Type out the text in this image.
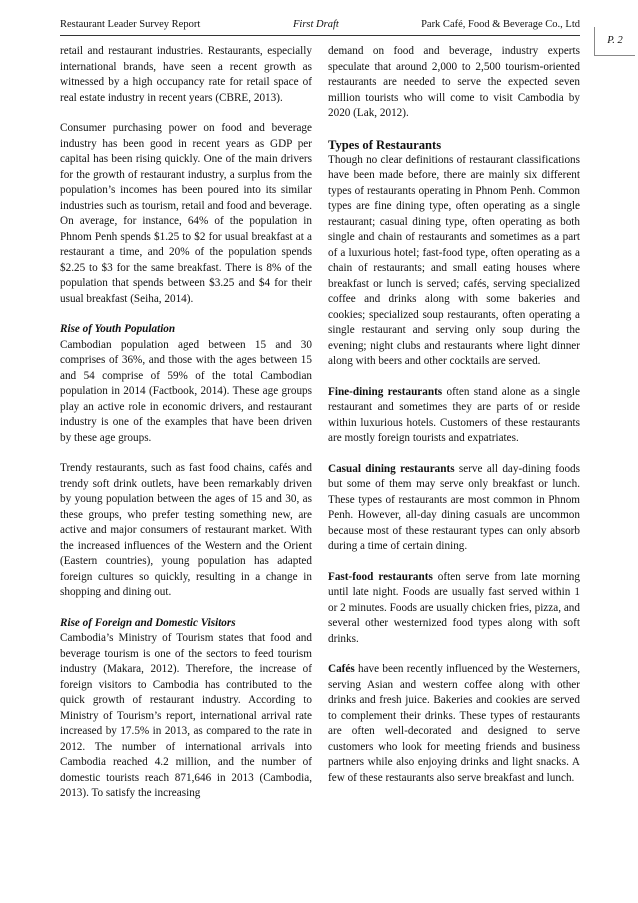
Restaurant Leader Survey Report	First Draft	Park Café, Food & Beverage Co., Ltd
P. 2

retail and restaurant industries. Restaurants, especially international brands, have seen a recent growth as witnessed by a high occupancy rate for retail space of real estate industry in recent years (CBRE, 2013).

Consumer purchasing power on food and beverage industry has been good in recent years as GDP per capital has been rising quickly. One of the main drivers for the growth of restaurant industry, a surplus from the population’s incomes has been poured into its similar industries such as tourism, retail and food and beverage. On average, for instance, 64% of the population in Phnom Penh spends $1.25 to $2 for usual breakfast at a restaurant a time, and 20% of the population spends $2.25 to $3 for the same breakfast. There is 8% of the population that spends between $3.25 and $4 for their usual breakfast (Seiha, 2014).

Rise of Youth Population

Cambodian population aged between 15 and 30 comprises of 36%, and those with the ages between 15 and 54 comprise of 59% of the total Cambodian population in 2014 (Factbook, 2014). These age groups play an active role in economic drivers, and restaurant industry is one of the examples that have been driven by these age groups.

Trendy restaurants, such as fast food chains, cafés and trendy soft drink outlets, have been remarkably driven by young population between the ages of 15 and 30, as these groups, who prefer testing something new, are active and major consumers of restaurant market. With the increased influences of the Western and the Orient (Eastern countries), young population has adapted foreign cultures so quickly, resulting in a change in shopping and dining out.

Rise of Foreign and Domestic Visitors

Cambodia’s Ministry of Tourism states that food and beverage tourism is one of the sectors to feed tourism industry (Makara, 2012). Therefore, the increase of foreign visitors to Cambodia has contributed to the quick growth of restaurant industry. According to Ministry of Tourism’s report, international arrival rate increased by 17.5% in 2013, as compared to the rate in 2012. The number of international arrivals into Cambodia reached 4.2 million, and the number of domestic tourists reach 871,646 in 2013 (Cambodia, 2013). To satisfy the increasing

demand on food and beverage, industry experts speculate that around 2,000 to 2,500 tourism-oriented restaurants are needed to serve the expected seven million tourists who will come to visit Cambodia by 2020 (Lak, 2012).

Types of Restaurants

Though no clear definitions of restaurant classifications have been made before, there are mainly six different types of restaurants operating in Phnom Penh. Common types are fine dining type, often operating as a single restaurant; casual dining type, often operating as both single and chain of restaurants and sometimes as a part of a luxurious hotel; fast-food type, often operating as a chain of restaurants; and small eating houses where breakfast or lunch is served; cafés, serving specialized coffee and drinks along with some bakeries and cookies; specialized soup restaurants, often operating a single restaurant and serving only soup during the evening; night clubs and restaurants where light dinner along with beers and other cocktails are served.

Fine-dining restaurants often stand alone as a single restaurant and sometimes they are parts of or reside within luxurious hotels. Customers of these restaurants are mostly foreign tourists and expatriates.

Casual dining restaurants serve all day-dining foods but some of them may serve only breakfast or lunch. These types of restaurants are most common in Phnom Penh. However, all-day dining casuals are uncommon because most of these restaurant types can only absorb during a time of certain dining.

Fast-food restaurants often serve from late morning until late night. Foods are usually fast served within 1 or 2 minutes. Foods are usually chicken fries, pizza, and several other westernized food types along with soft drinks.

Cafés have been recently influenced by the Westerners, serving Asian and western coffee along with other drinks and fresh juice. Bakeries and cookies are served to complement their drinks. These types of restaurants are often well-decorated and designed to serve customers who look for meeting friends and business partners while also enjoying drinks and light snacks. A few of these restaurants also serve breakfast and lunch.
